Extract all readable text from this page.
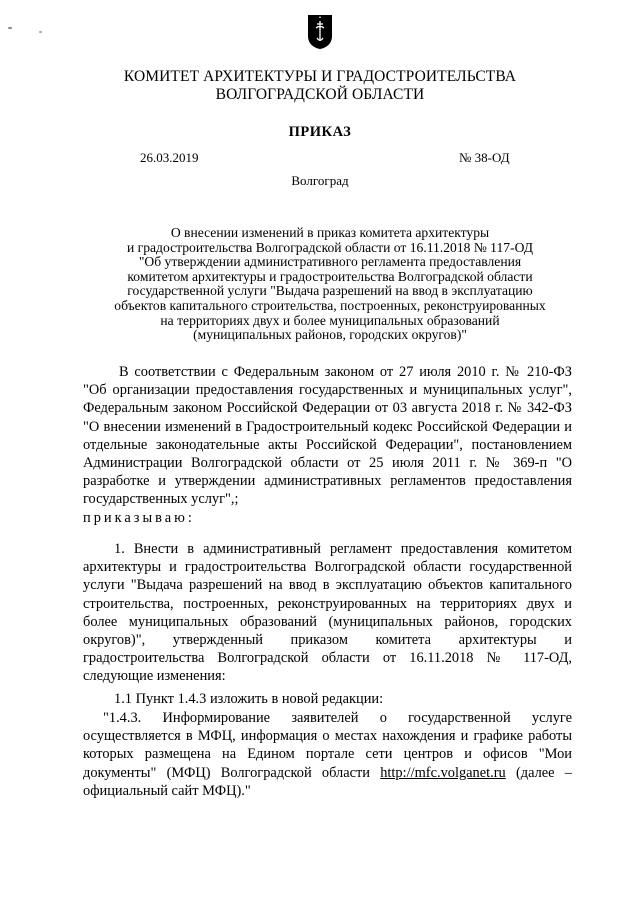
КОМИТЕТ АРХИТЕКТУРЫ И ГРАДОСТРОИТЕЛЬСТВА
ВОЛГОГРАДСКОЙ ОБЛАСТИ
ПРИКАЗ
26.03.2019	№ 38-ОД
Волгоград
О внесении изменений в приказ комитета архитектуры
и градостроительства Волгоградской области от 16.11.2018 № 117-ОД
"Об утверждении административного регламента предоставления
комитетом архитектуры и градостроительства Волгоградской области
государственной услуги "Выдача разрешений на ввод в эксплуатацию
объектов капитального строительства, построенных, реконструированных
на территориях двух и более муниципальных образований
(муниципальных районов, городских округов)"
В соответствии с Федеральным законом от 27 июля 2010 г. № 210-ФЗ "Об организации предоставления государственных и муниципальных услуг", Федеральным законом Российской Федерации от 03 августа 2018 г. № 342-ФЗ "О внесении изменений в Градостроительный кодекс Российской Федерации и отдельные законодательные акты Российской Федерации", постановлением Администрации Волгоградской области от 25 июля 2011 г. № 369-п "О разработке и утверждении административных регламентов предоставления государственных услуг",;
приказываю:
1. Внести в административный регламент предоставления комитетом архитектуры и градостроительства Волгоградской области государственной услуги "Выдача разрешений на ввод в эксплуатацию объектов капитального строительства, построенных, реконструированных на территориях двух и более муниципальных образований (муниципальных районов, городских округов)", утвержденный приказом комитета архитектуры и градостроительства Волгоградской области от 16.11.2018 № 117-ОД, следующие изменения:
1.1 Пункт 1.4.3 изложить в новой редакции:
"1.4.3. Информирование заявителей о государственной услуге осуществляется в МФЦ, информация о местах нахождения и графике работы которых размещена на Едином портале сети центров и офисов "Мои документы" (МФЦ) Волгоградской области http://mfc.volganet.ru (далее – официальный сайт МФЦ)."
